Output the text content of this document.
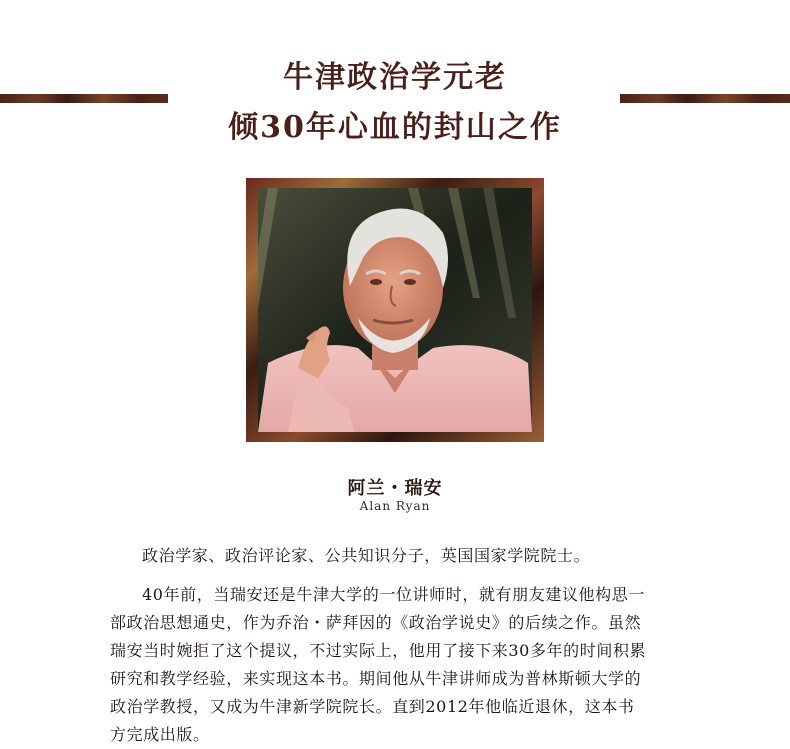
牛津政治学元老
倾30年心血的封山之作
阿兰・瑞安
Alan Ryan

政治学家、政治评论家、公共知识分子，英国国家学院院士。

40年前，当瑞安还是牛津大学的一位讲师时，就有朋友建议他构思一
部政治思想通史，作为乔治・萨拜因的《政治学说史》的后续之作。虽然
瑞安当时婉拒了这个提议，不过实际上，他用了接下来30多年的时间积累
研究和教学经验，来实现这本书。期间他从牛津讲师成为普林斯顿大学的
政治学教授，又成为牛津新学院院长。直到2012年他临近退休，这本书
方完成出版。
